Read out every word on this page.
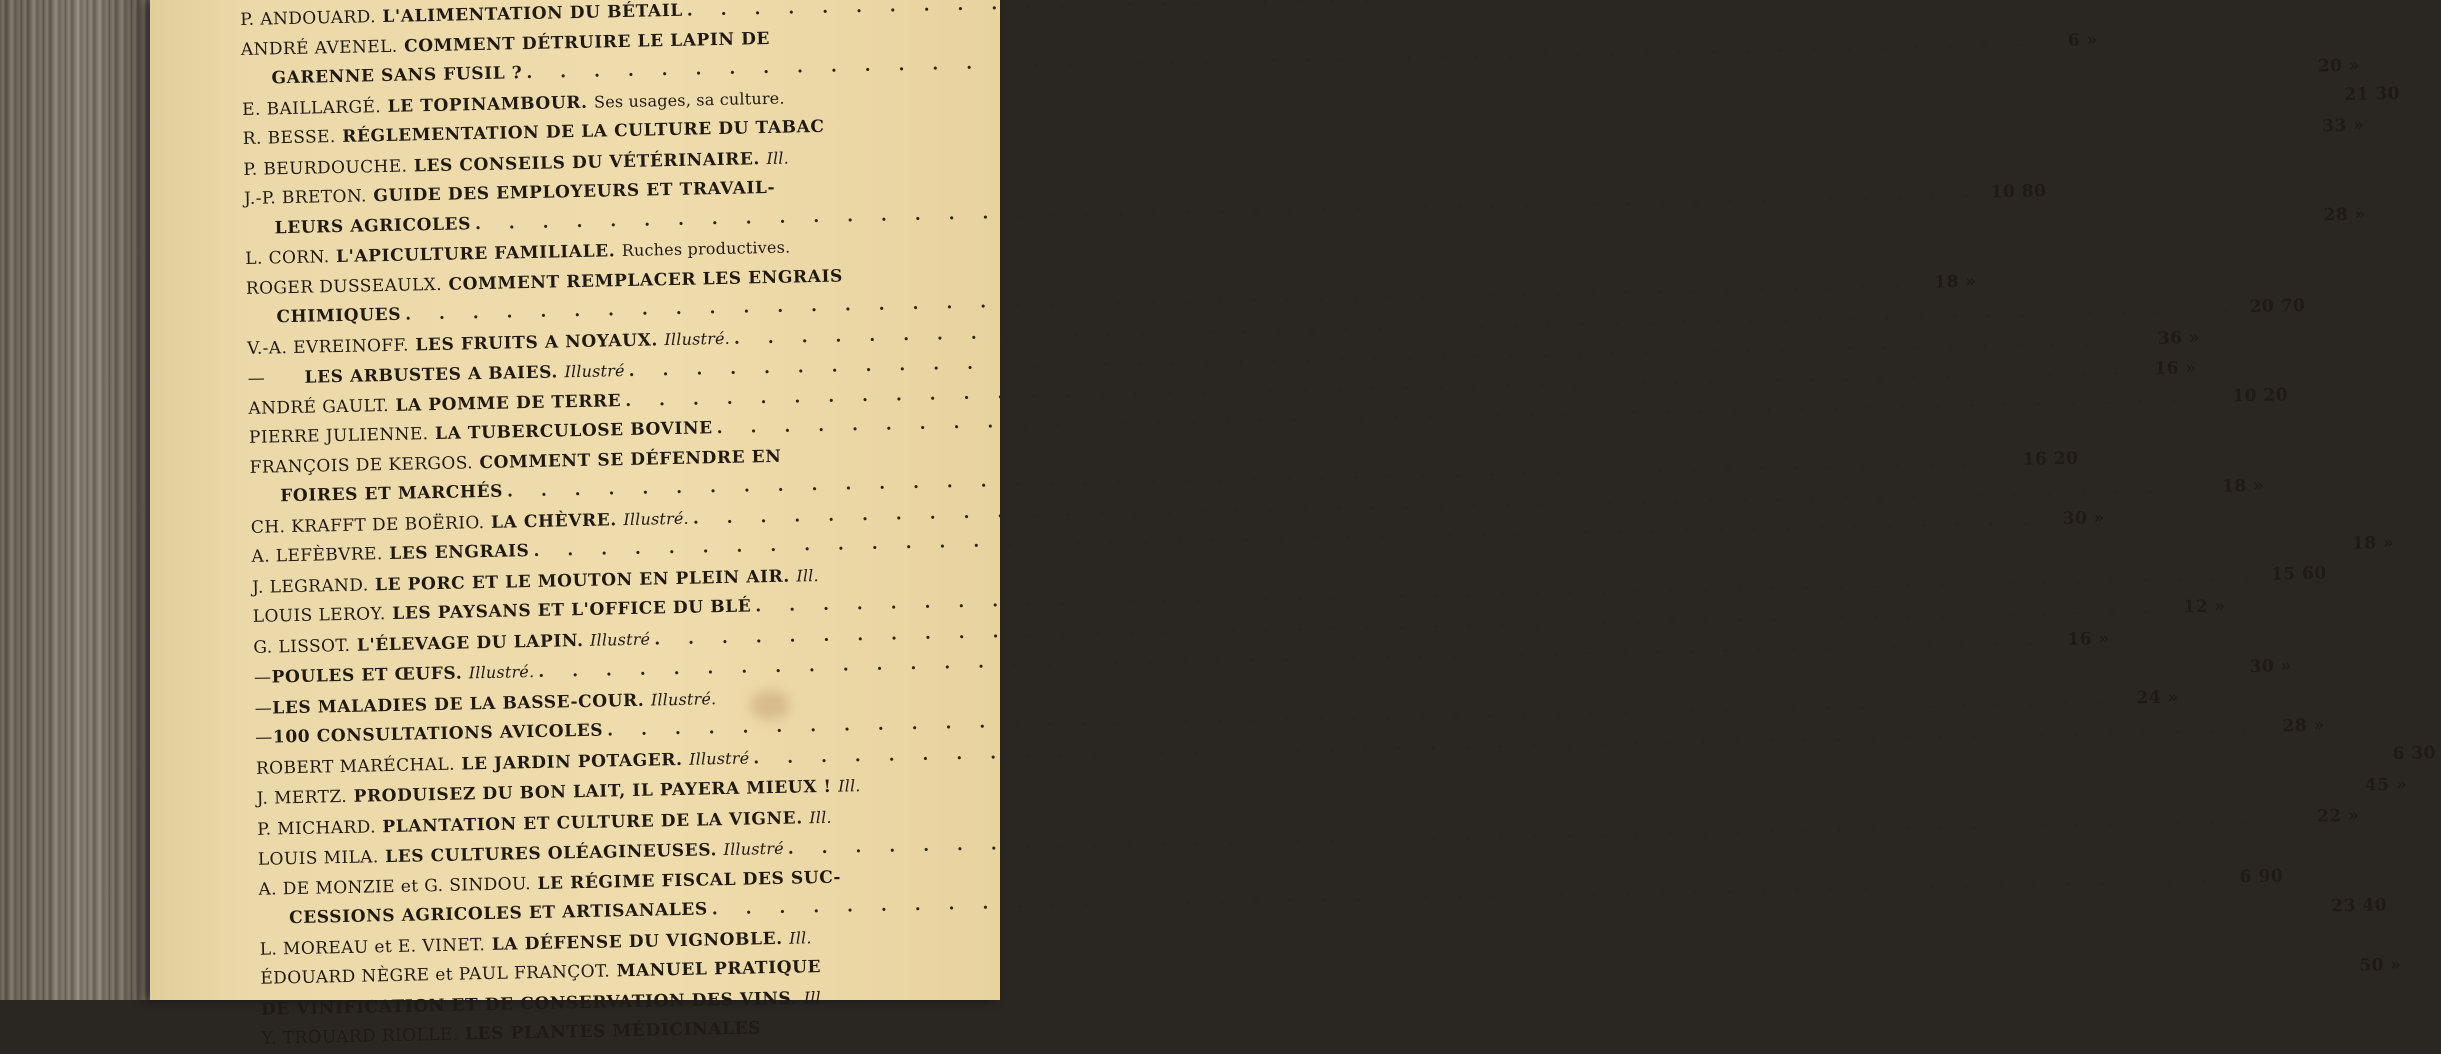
P. ANDOUARD.
L'ALIMENTATION DU BÉTAIL
. . .
ANDRÉ AVENEL.
COMMENT DÉTRUIRE LE LAPIN DE
GARENNE SANS FUSIL ?
. . .
6 »
E. BAILLARGÉ.
LE TOPINAMBOUR.
Ses usages, sa culture.
20 »
R. BESSE.
RÉGLEMENTATION DE LA CULTURE DU TABAC
21 30
P. BEURDOUCHE.
LES CONSEILS DU VÉTÉRINAIRE.
Ill.
33 »
J.-P. BRETON.
GUIDE DES EMPLOYEURS ET TRAVAIL-
LEURS AGRICOLES
. . .
10 80
L. CORN.
L'APICULTURE FAMILIALE.
Ruches productives.
28 »
ROGER DUSSEAULX.
COMMENT REMPLACER LES ENGRAIS
CHIMIQUES
. . .
18 »
V.-A. EVREINOFF.
LES FRUITS A NOYAUX.
Illustré.
. . .
20 70
—
LES ARBUSTES A BAIES.
Illustré
. . .
36 »
ANDRÉ GAULT.
LA POMME DE TERRE
. . .
16 »
PIERRE JULIENNE.
LA TUBERCULOSE BOVINE
. . .
10 20
FRANÇOIS DE KERGOS.
COMMENT SE DÉFENDRE EN
FOIRES ET MARCHÉS
. . .
16 20
CH. KRAFFT DE BOËRIO.
LA CHÈVRE.
Illustré.
. . .
18 »
A. LEFÈBVRE.
LES ENGRAIS
. . .
30 »
J. LEGRAND.
LE PORC ET LE MOUTON EN PLEIN AIR.
Ill.
18 »
LOUIS LEROY.
LES PAYSANS ET L'OFFICE DU BLÉ
. . .
15 60
G. LISSOT.
L'ÉLEVAGE DU LAPIN.
Illustré
. . .
12 »
— POULES ET ŒUFS.
Illustré.
. . .
16 »
— LES MALADIES DE LA BASSE-COUR.
Illustré.
30 »
— 100 CONSULTATIONS AVICOLES
. . .
24 »
ROBERT MARÉCHAL.
LE JARDIN POTAGER.
Illustré
. . .
28 »
J. MERTZ.
PRODUISEZ DU BON LAIT, IL PAYERA MIEUX !
Ill.
6 30
P. MICHARD.
PLANTATION ET CULTURE DE LA VIGNE.
Ill.
45 »
LOUIS MILA.
LES CULTURES OLÉAGINEUSES.
Illustré
. . .
22 »
A. DE MONZIE et G. SINDOU.
LE RÉGIME FISCAL DES SUC-
CESSIONS AGRICOLES ET ARTISANALES
. . .
6 90
L. MOREAU et E. VINET.
LA DÉFENSE DU VIGNOBLE.
Ill.
23 40
ÉDOUARD NÈGRE et PAUL FRANÇOT.
MANUEL PRATIQUE
DE VINIFICATION ET DE CONSERVATION DES VINS.
Ill.
50 »
Y. TROUARD RIOLLE.
LES PLANTES MÉDICINALES
